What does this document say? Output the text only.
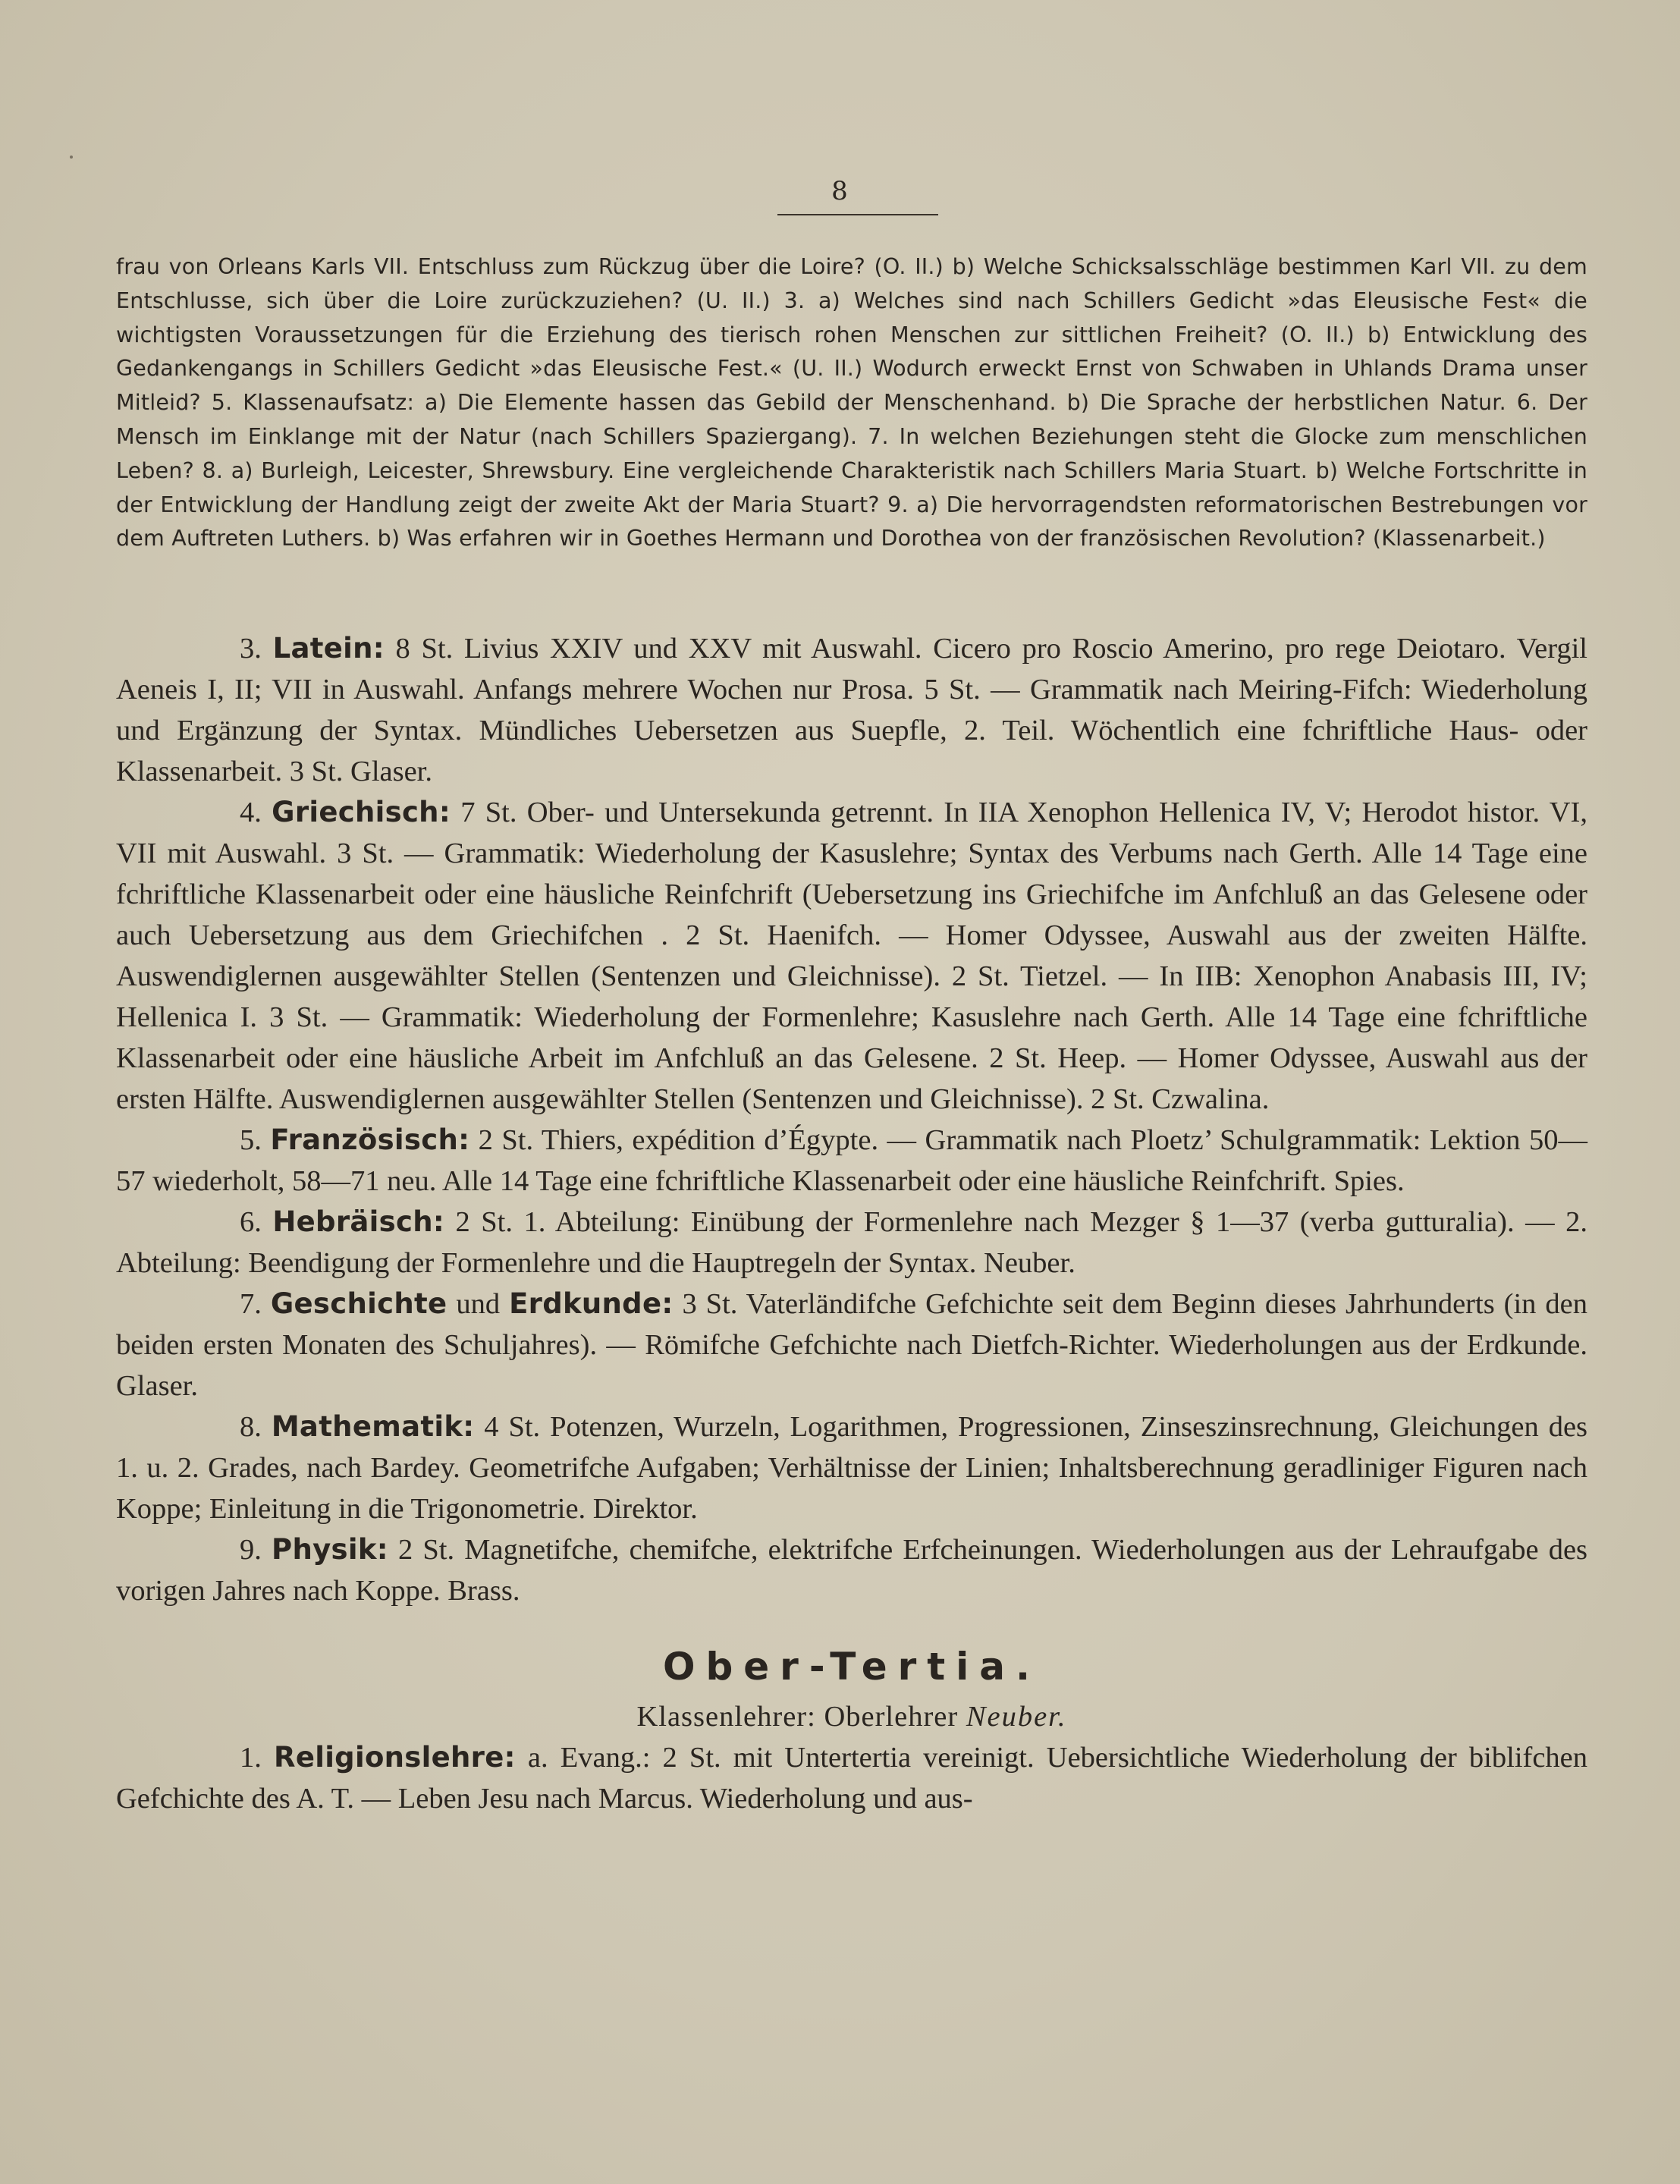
8
frau von Orleans Karls VII. Entschluss zum Rückzug über die Loire? (O. II.) b) Welche Schicksalsschläge bestimmen Karl VII. zu dem Entschlusse, sich über die Loire zurückzuziehen? (U. II.) 3. a) Welches sind nach Schillers Gedicht »das Eleusische Fest« die wichtigsten Voraussetzungen für die Erziehung des tierisch rohen Menschen zur sittlichen Freiheit? (O. II.) b) Entwicklung des Gedankengangs in Schillers Gedicht »das Eleusische Fest.« (U. II.) Wodurch erweckt Ernst von Schwaben in Uhlands Drama unser Mitleid? 5. Klassenaufsatz: a) Die Elemente hassen das Gebild der Menschenhand. b) Die Sprache der herbstlichen Natur. 6. Der Mensch im Einklange mit der Natur (nach Schillers Spaziergang). 7. In welchen Beziehungen steht die Glocke zum menschlichen Leben? 8. a) Burleigh, Leicester, Shrewsbury. Eine vergleichende Charakteristik nach Schillers Maria Stuart. b) Welche Fortschritte in der Entwicklung der Handlung zeigt der zweite Akt der Maria Stuart? 9. a) Die hervorragendsten reformatorischen Bestrebungen vor dem Auftreten Luthers. b) Was erfahren wir in Goethes Hermann und Dorothea von der französischen Revolution? (Klassenarbeit.)

3. Latein: 8 St. Livius XXIV und XXV mit Auswahl. Cicero pro Roscio Amerino, pro rege Deiotaro. Vergil Aeneis I, II; VII in Auswahl. Anfangs mehrere Wochen nur Prosa. 5 St. — Grammatik nach Meiring-Fifch: Wiederholung und Ergänzung der Syntax. Mündliches Uebersetzen aus Suepfle, 2. Teil. Wöchentlich eine fchriftliche Haus- oder Klassenarbeit. 3 St. Glaser.

4. Griechisch: 7 St. Ober- und Untersekunda getrennt. In IIA Xenophon Hellenica IV, V; Herodot histor. VI, VII mit Auswahl. 3 St. — Grammatik: Wiederholung der Kasuslehre; Syntax des Verbums nach Gerth. Alle 14 Tage eine fchriftliche Klassenarbeit oder eine häusliche Reinfchrift (Uebersetzung ins Griechifche im Anfchluß an das Gelesene oder auch Uebersetzung aus dem Griechifchen . 2 St. Haenifch. — Homer Odyssee, Auswahl aus der zweiten Hälfte. Auswendiglernen ausgewählter Stellen (Sentenzen und Gleichnisse). 2 St. Tietzel. — In IIB: Xenophon Anabasis III, IV; Hellenica I. 3 St. — Grammatik: Wiederholung der Formenlehre; Kasuslehre nach Gerth. Alle 14 Tage eine fchriftliche Klassenarbeit oder eine häusliche Arbeit im Anfchluß an das Gelesene. 2 St. Heep. — Homer Odyssee, Auswahl aus der ersten Hälfte. Auswendiglernen ausgewählter Stellen (Sentenzen und Gleichnisse). 2 St. Czwalina.

5. Französisch: 2 St. Thiers, expédition d’Égypte. — Grammatik nach Ploetz’ Schulgrammatik: Lektion 50—57 wiederholt, 58—71 neu. Alle 14 Tage eine fchriftliche Klassenarbeit oder eine häusliche Reinfchrift. Spies.

6. Hebräisch: 2 St. 1. Abteilung: Einübung der Formenlehre nach Mezger § 1—37 (verba gutturalia). — 2. Abteilung: Beendigung der Formenlehre und die Hauptregeln der Syntax. Neuber.

7. Geschichte und Erdkunde: 3 St. Vaterländifche Gefchichte seit dem Beginn dieses Jahrhunderts (in den beiden ersten Monaten des Schuljahres). — Römifche Gefchichte nach Dietfch-Richter. Wiederholungen aus der Erdkunde. Glaser.

8. Mathematik: 4 St. Potenzen, Wurzeln, Logarithmen, Progressionen, Zinseszinsrechnung, Gleichungen des 1. u. 2. Grades, nach Bardey. Geometrifche Aufgaben; Verhältnisse der Linien; Inhaltsberechnung geradliniger Figuren nach Koppe; Einleitung in die Trigonometrie. Direktor.

9. Physik: 2 St. Magnetifche, chemifche, elektrifche Erfcheinungen. Wiederholungen aus der Lehraufgabe des vorigen Jahres nach Koppe. Brass.

Ober-Tertia.

Klassenlehrer: Oberlehrer Neuber.

1. Religionslehre: a. Evang.: 2 St. mit Untertertia vereinigt. Uebersichtliche Wiederholung der biblifchen Gefchichte des A. T. — Leben Jesu nach Marcus. Wiederholung und aus-
